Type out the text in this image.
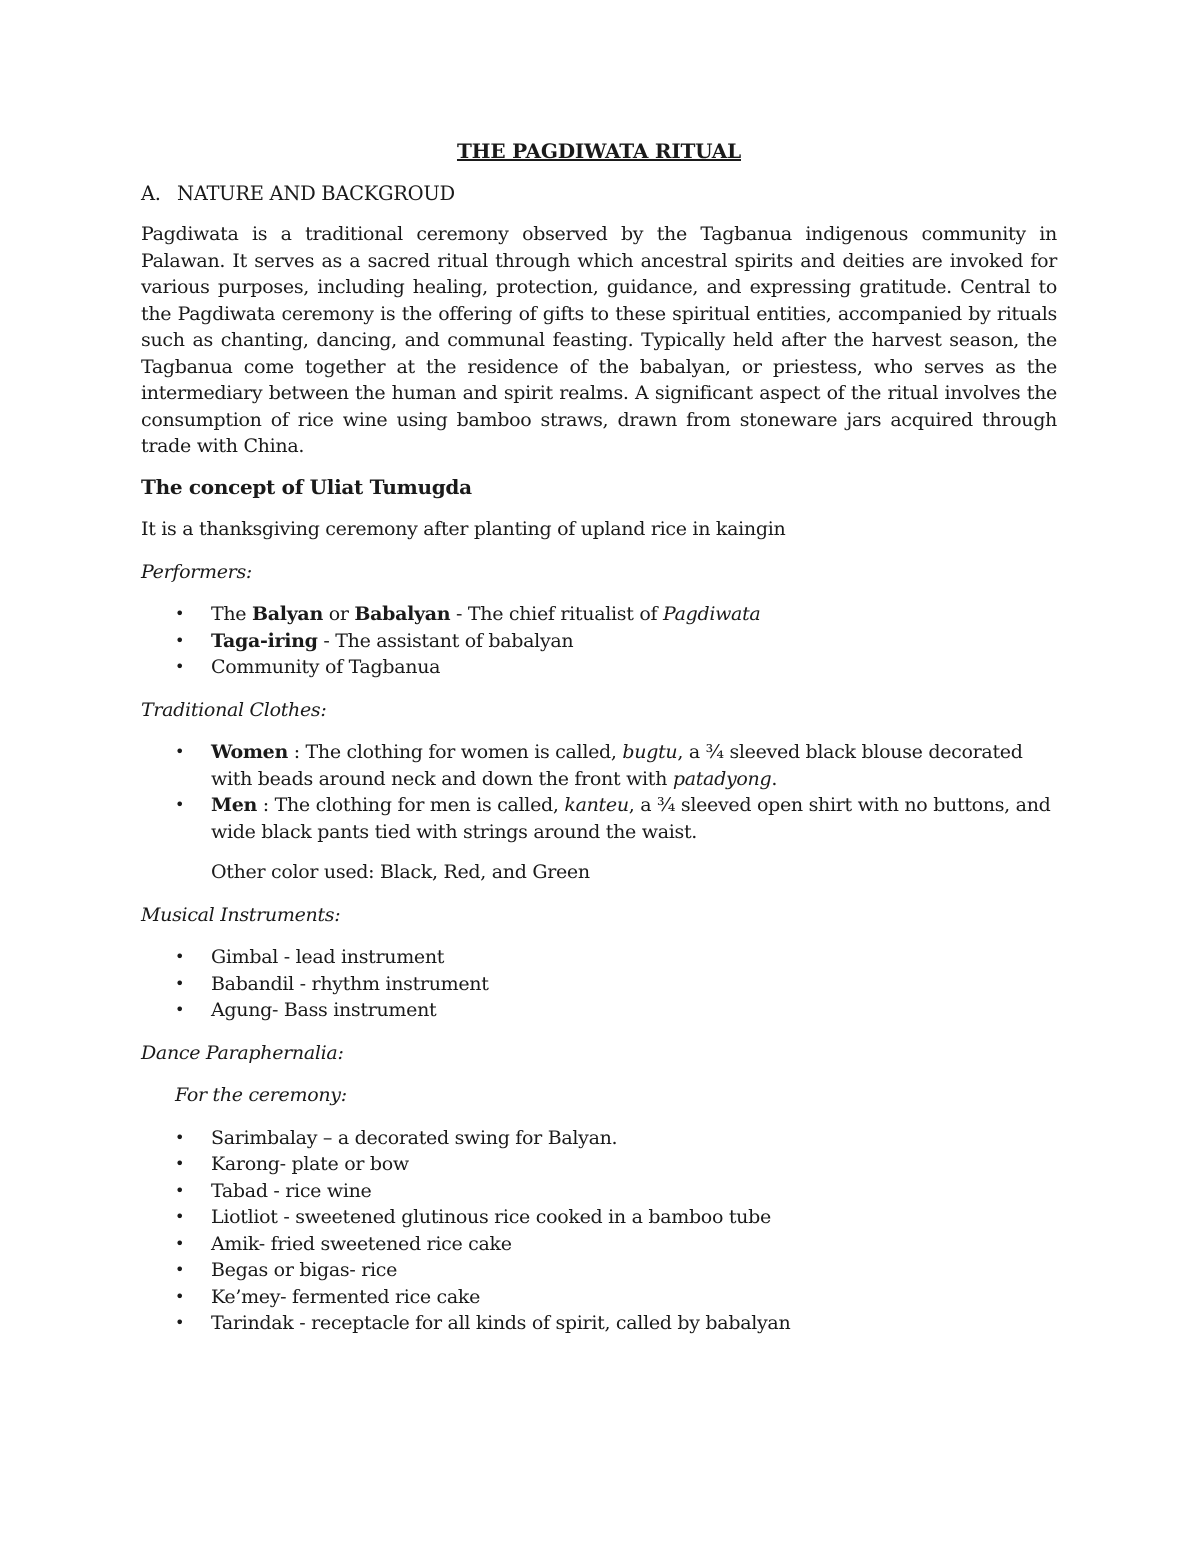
THE PAGDIWATA RITUAL
A. NATURE AND BACKGROUD

Pagdiwata is a traditional ceremony observed by the Tagbanua indigenous community in Palawan. It serves as a sacred ritual through which ancestral spirits and deities are invoked for various purposes, including healing, protection, guidance, and expressing gratitude. Central to the Pagdiwata ceremony is the offering of gifts to these spiritual entities, accompanied by rituals such as chanting, dancing, and communal feasting. Typically held after the harvest season, the Tagbanua come together at the residence of the babalyan, or priestess, who serves as the intermediary between the human and spirit realms. A significant aspect of the ritual involves the consumption of rice wine using bamboo straws, drawn from stoneware jars acquired through trade with China.

The concept of Uliat Tumugda
It is a thanksgiving ceremony after planting of upland rice in kaingin
Performers:
• The Balyan or Babalyan - The chief ritualist of Pagdiwata
• Taga-iring - The assistant of babalyan
• Community of Tagbanua
Traditional Clothes:
• Women : The clothing for women is called, bugtu, a ¾ sleeved black blouse decorated with beads around neck and down the front with patadyong.
• Men : The clothing for men is called, kanteu, a ¾ sleeved open shirt with no buttons, and wide black pants tied with strings around the waist.
Other color used: Black, Red, and Green
Musical Instruments:
• Gimbal - lead instrument
• Babandil - rhythm instrument
• Agung- Bass instrument
Dance Paraphernalia:
For the ceremony:
• Sarimbalay – a decorated swing for Balyan.
• Karong- plate or bow
• Tabad - rice wine
• Liotliot - sweetened glutinous rice cooked in a bamboo tube
• Amik- fried sweetened rice cake
• Begas or bigas- rice
• Ke’mey- fermented rice cake
• Tarindak - receptacle for all kinds of spirit, called by babalyan
